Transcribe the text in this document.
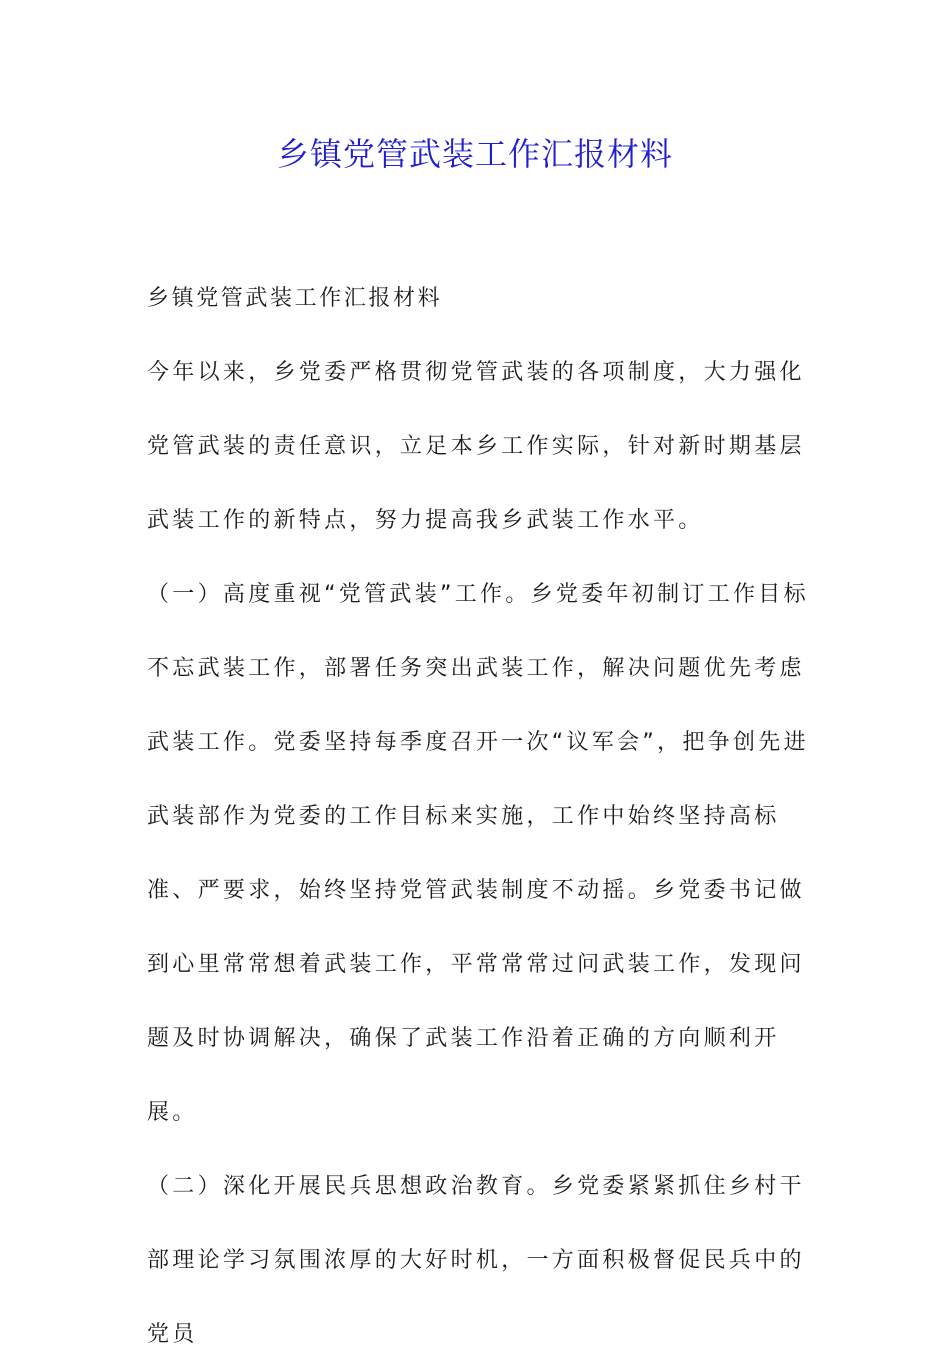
乡镇党管武装工作汇报材料

乡镇党管武装工作汇报材料

今年以来，乡党委严格贯彻党管武装的各项制度，大力强化党管武装的责任意识，立足本乡工作实际，针对新时期基层武装工作的新特点，努力提高我乡武装工作水平。

（一）高度重视“党管武装”工作。乡党委年初制订工作目标不忘武装工作，部署任务突出武装工作，解决问题优先考虑武装工作。党委坚持每季度召开一次“议军会”，把争创先进武装部作为党委的工作目标来实施，工作中始终坚持高标准、严要求，始终坚持党管武装制度不动摇。乡党委书记做到心里常常想着武装工作，平常常常过问武装工作，发现问题及时协调解决，确保了武装工作沿着正确的方向顺利开展。

（二）深化开展民兵思想政治教育。乡党委紧紧抓住乡村干部理论学习氛围浓厚的大好时机，一方面积极督促民兵中的党员
